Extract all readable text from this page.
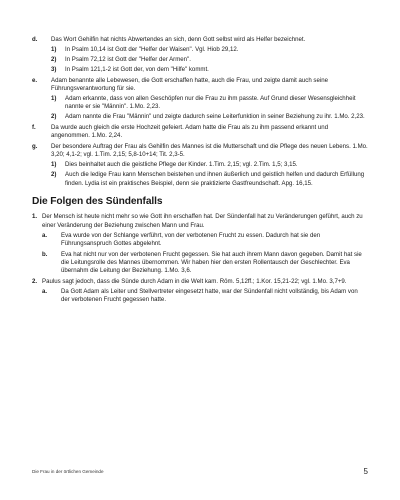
d. Das Wort Gehilfin hat nichts Abwertendes an sich, denn Gott selbst wird als Helfer bezeichnet.
1) In Psalm 10,14 ist Gott der "Helfer der Waisen". Vgl. Hiob 29,12.
2) In Psalm 72,12 ist Gott der "Helfer der Armen".
3) In Psalm 121,1-2 ist Gott der, von dem "Hilfe" kommt.
e. Adam benannte alle Lebewesen, die Gott erschaffen hatte, auch die Frau, und zeigte damit auch seine Führungsverantwortung für sie.
1) Adam erkannte, dass von allen Geschöpfen nur die Frau zu ihm passte. Auf Grund dieser Wesensgleichheit nannte er sie "Männin". 1.Mo. 2,23.
2) Adam nannte die Frau "Männin" und zeigte dadurch seine Leiterfunktion in seiner Beziehung zu ihr. 1.Mo. 2,23.
f.	Da wurde auch gleich die erste Hochzeit gefeiert. Adam hatte die Frau als zu ihm passend erkannt und angenommen. 1.Mo. 2,24.
g. Der besondere Auftrag der Frau als Gehilfin des Mannes ist die Mutterschaft und die Pflege des neuen Lebens. 1.Mo. 3,20; 4,1-2; vgl. 1.Tim. 2,15; 5,8-10+14; Tit. 2,3-5.
1) Dies beinhaltet auch die geistliche Pflege der Kinder. 1.Tim. 2,15; vgl. 2.Tim. 1,5; 3,15.
2) Auch die ledige Frau kann Menschen beistehen und ihnen äußerlich und geistlich helfen und dadurch Erfüllung finden. Lydia ist ein praktisches Beispiel, denn sie praktizierte Gastfreundschaft. Apg. 16,15.
Die Folgen des Sündenfalls
1. Der Mensch ist heute nicht mehr so wie Gott ihn erschaffen hat. Der Sündenfall hat zu Veränderungen geführt, auch zu einer Veränderung der Beziehung zwischen Mann und Frau.
a. Eva wurde von der Schlange verführt, von der verbotenen Frucht zu essen. Dadurch hat sie den Führungsanspruch Gottes abgelehnt.
b. Eva hat nicht nur von der verbotenen Frucht gegessen. Sie hat auch ihrem Mann davon gegeben. Damit hat sie die Leitungsrolle des Mannes übernommen. Wir haben hier den ersten Rollentausch der Geschlechter. Eva übernahm die Leitung der Beziehung. 1.Mo. 3,6.
2. Paulus sagt jedoch, dass die Sünde durch Adam in die Welt kam. Röm. 5,12ff.; 1.Kor. 15,21-22; vgl. 1.Mo. 3,7+9.
a. Da Gott Adam als Leiter und Stellvertreter eingesetzt hatte, war der Sündenfall nicht vollständig, bis Adam von der verbotenen Frucht gegessen hatte.
Die Frau in der örtlichen Gemeinde	5
